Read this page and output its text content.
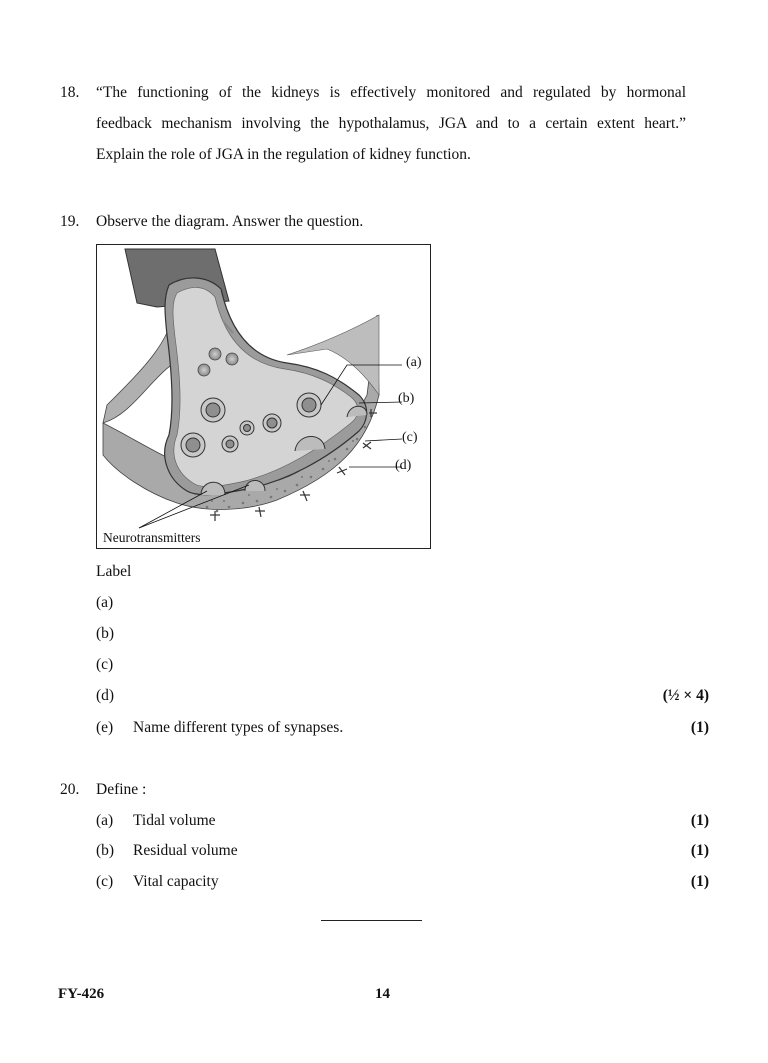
18. “The functioning of the kidneys is effectively monitored and regulated by hormonal
feedback mechanism involving the hypothalamus, JGA and to a certain extent heart.”
Explain the role of JGA in the regulation of kidney function.
19. Observe the diagram. Answer the question.
(a)
(b)
(c)
(d)
Neurotransmitters
Label
(a)
(b)
(c)
(d)	(½ × 4)
(e) Name different types of synapses.	(1)
20. Define :
(a) Tidal volume	(1)
(b) Residual volume	(1)
(c) Vital capacity	(1)
FY-426	14
